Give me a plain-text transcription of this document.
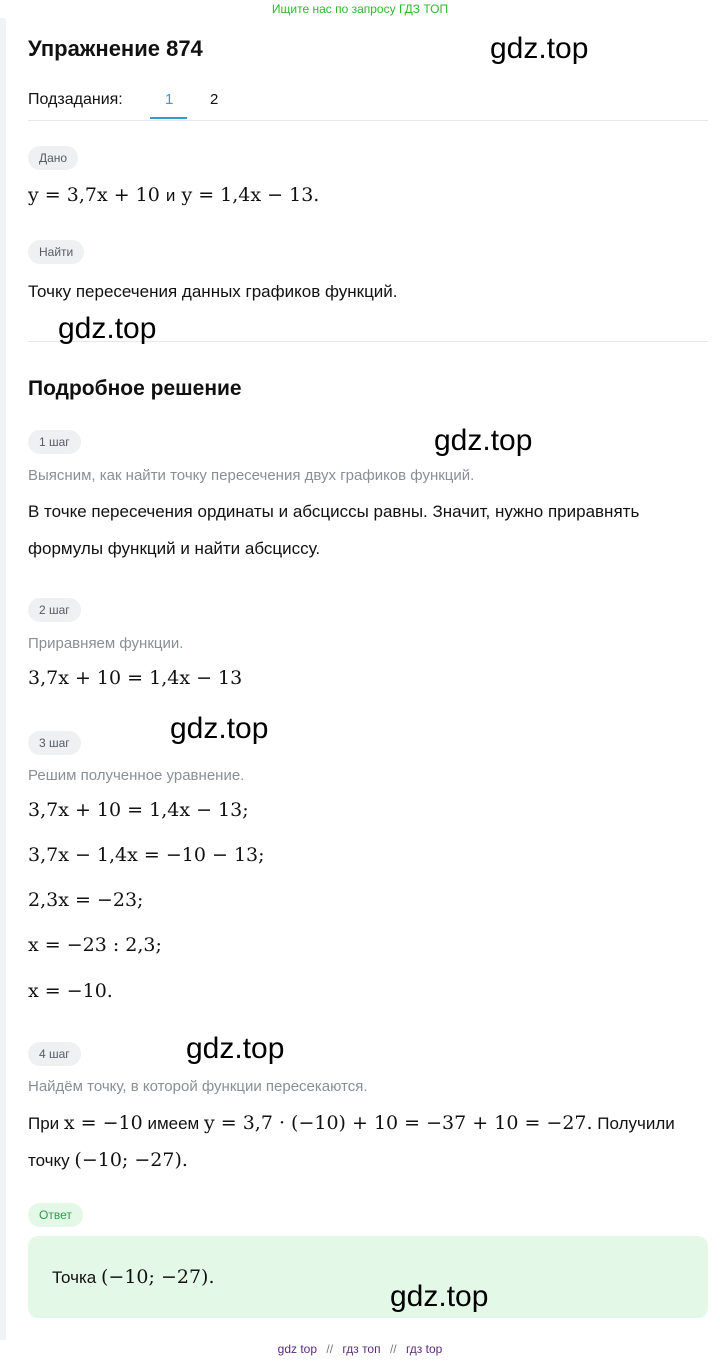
Ищите нас по запросу ГДЗ ТОП
Упражнение 874
Подзадания:	1 2
Дано
y = 3,7x + 10 и y = 1,4x − 13.
Найти
Точку пересечения данных графиков функций.
Подробное решение
1 шаг
Выясним, как найти точку пересечения двух графиков функций.
В точке пересечения ординаты и абсциссы равны. Значит, нужно приравнять
формулы функций и найти абсциссу.
2 шаг
Приравняем функции.
3,7x + 10 = 1,4x − 13
3 шаг
Решим полученное уравнение.
3,7x + 10 = 1,4x − 13;
3,7x − 1,4x = −10 − 13;
2,3x = −23;
x = −23 : 2,3;
x = −10.
4 шаг
Найдём точку, в которой функции пересекаются.
При x = −10 имеем y = 3,7 · (−10) + 10 = −37 + 10 = −27. Получили
точку (−10; −27).
Ответ
Точка (−10; −27).
gdz.top
gdz.top
gdz.top
gdz.top
gdz.top
gdz.top
gdz top // гдз топ // гдз top
